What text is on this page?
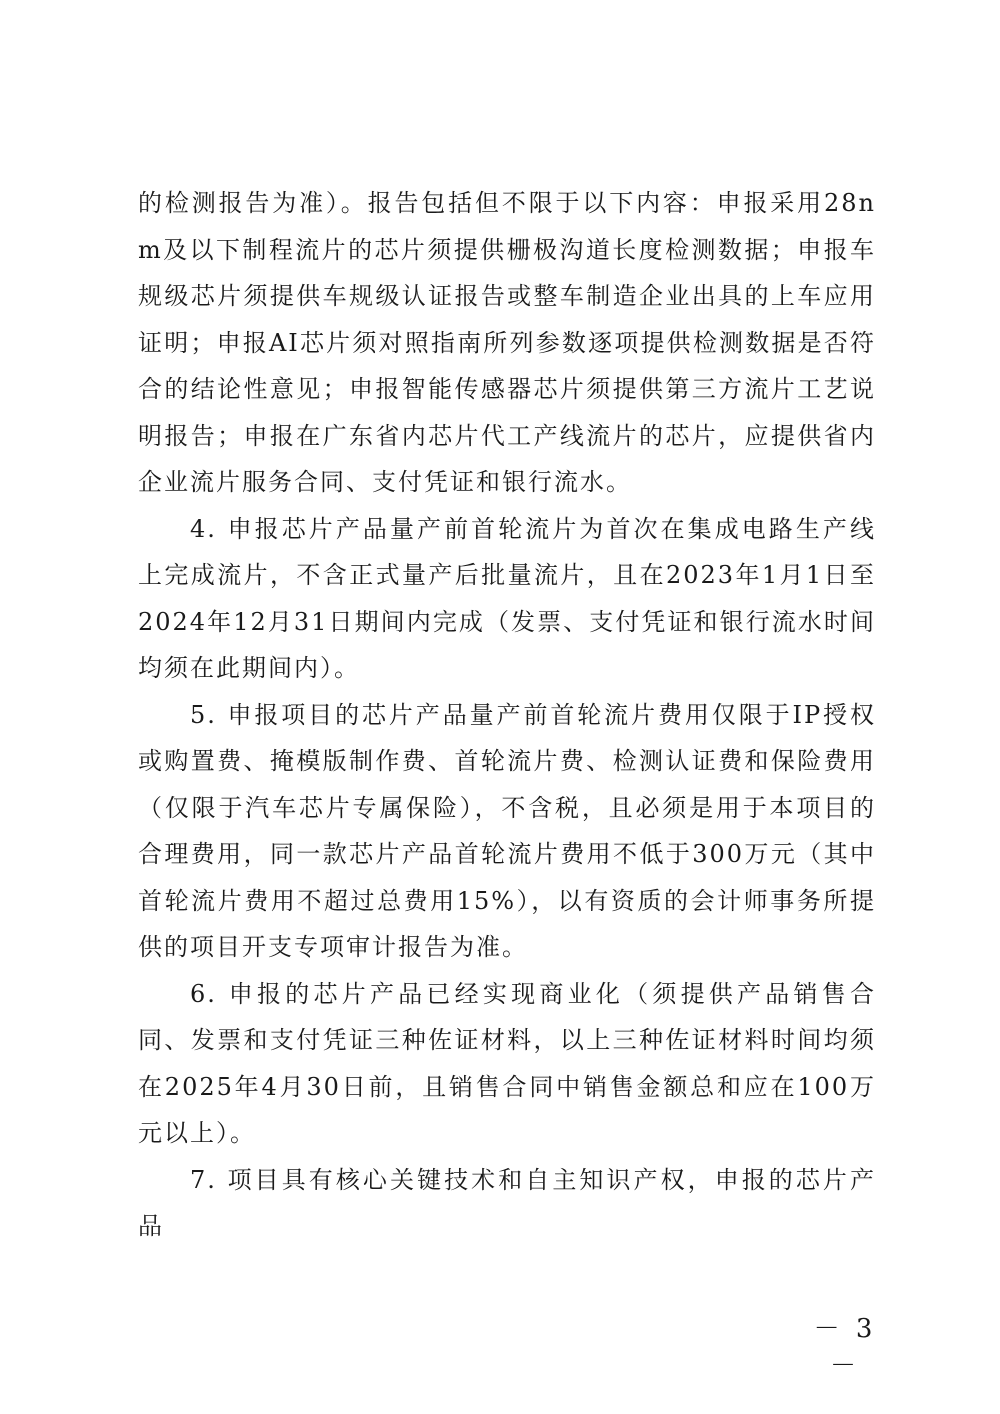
的检测报告为准）。报告包括但不限于以下内容：申报采用28nm及以下制程流片的芯片须提供栅极沟道长度检测数据；申报车规级芯片须提供车规级认证报告或整车制造企业出具的上车应用证明；申报AI芯片须对照指南所列参数逐项提供检测数据是否符合的结论性意见；申报智能传感器芯片须提供第三方流片工艺说明报告；申报在广东省内芯片代工产线流片的芯片，应提供省内企业流片服务合同、支付凭证和银行流水。

4. 申报芯片产品量产前首轮流片为首次在集成电路生产线上完成流片，不含正式量产后批量流片，且在2023年1月1日至2024年12月31日期间内完成（发票、支付凭证和银行流水时间均须在此期间内）。

5. 申报项目的芯片产品量产前首轮流片费用仅限于IP授权或购置费、掩模版制作费、首轮流片费、检测认证费和保险费用（仅限于汽车芯片专属保险），不含税，且必须是用于本项目的合理费用，同一款芯片产品首轮流片费用不低于300万元（其中首轮流片费用不超过总费用15%），以有资质的会计师事务所提供的项目开支专项审计报告为准。

6. 申报的芯片产品已经实现商业化（须提供产品销售合同、发票和支付凭证三种佐证材料，以上三种佐证材料时间均须在2025年4月30日前，且销售合同中销售金额总和应在100万元以上）。

7. 项目具有核心关键技术和自主知识产权，申报的芯片产品

－ 3 －
